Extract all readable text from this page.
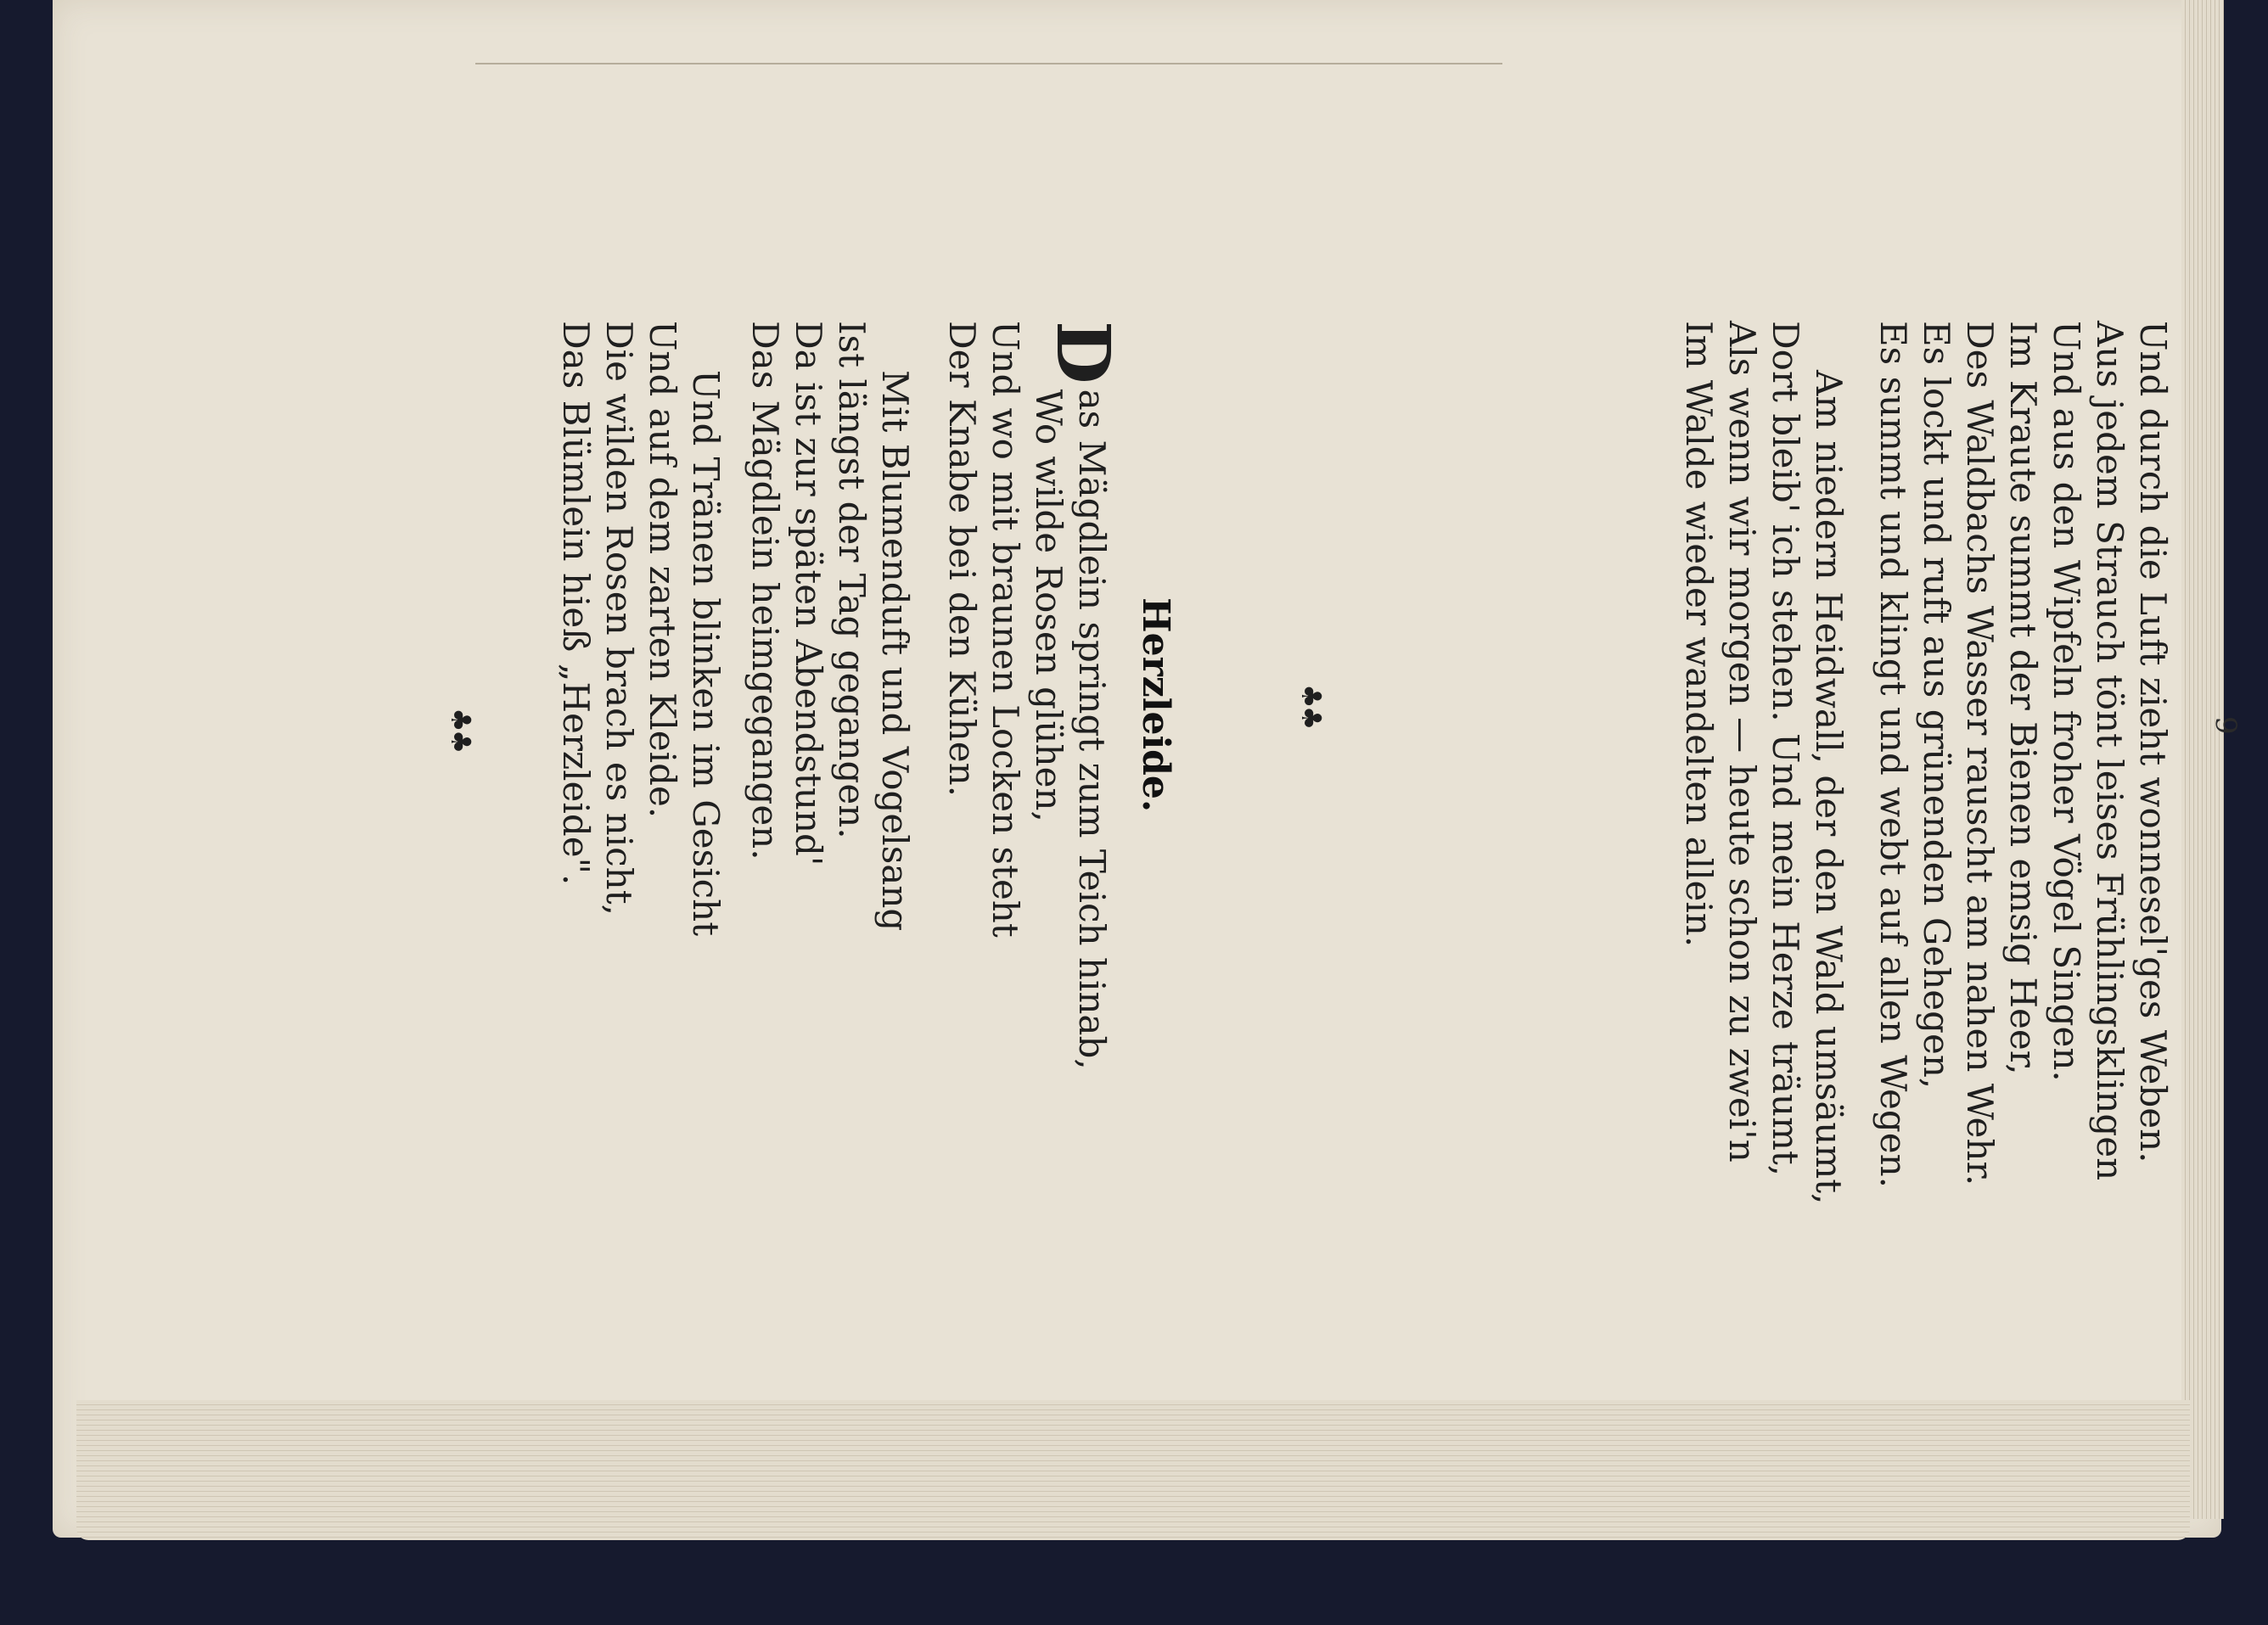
9
Und durch die Luft zieht wonnesel'ges Weben.
Aus jedem Strauch tönt leises Frühlingsklingen
Und aus den Wipfeln froher Vögel Singen.
Im Kraute summt der Bienen emsig Heer,
Des Waldbachs Wasser rauscht am nahen Wehr.
Es lockt und ruft aus grünenden Gehegen,
Es summt und klingt und webt auf allen Wegen.
Am niedern Heidwall, der den Wald umsäumt,
Dort bleib' ich stehen. Und mein Herze träumt,
Als wenn wir morgen — heute schon zu zwei'n
Im Walde wieder wandelten allein.
♣♣
Herzleide.
D
as Mägdlein springt zum Teich hinab,
Wo wilde Rosen glühen,
Und wo mit braunen Locken steht
Der Knabe bei den Kühen.
Mit Blumenduft und Vogelsang
Ist längst der Tag gegangen.
Da ist zur späten Abendstund'
Das Mägdlein heimgegangen.
Und Tränen blinken im Gesicht
Und auf dem zarten Kleide.
Die wilden Rosen brach es nicht,
Das Blümlein hieß „Herzleide".
♣♣
